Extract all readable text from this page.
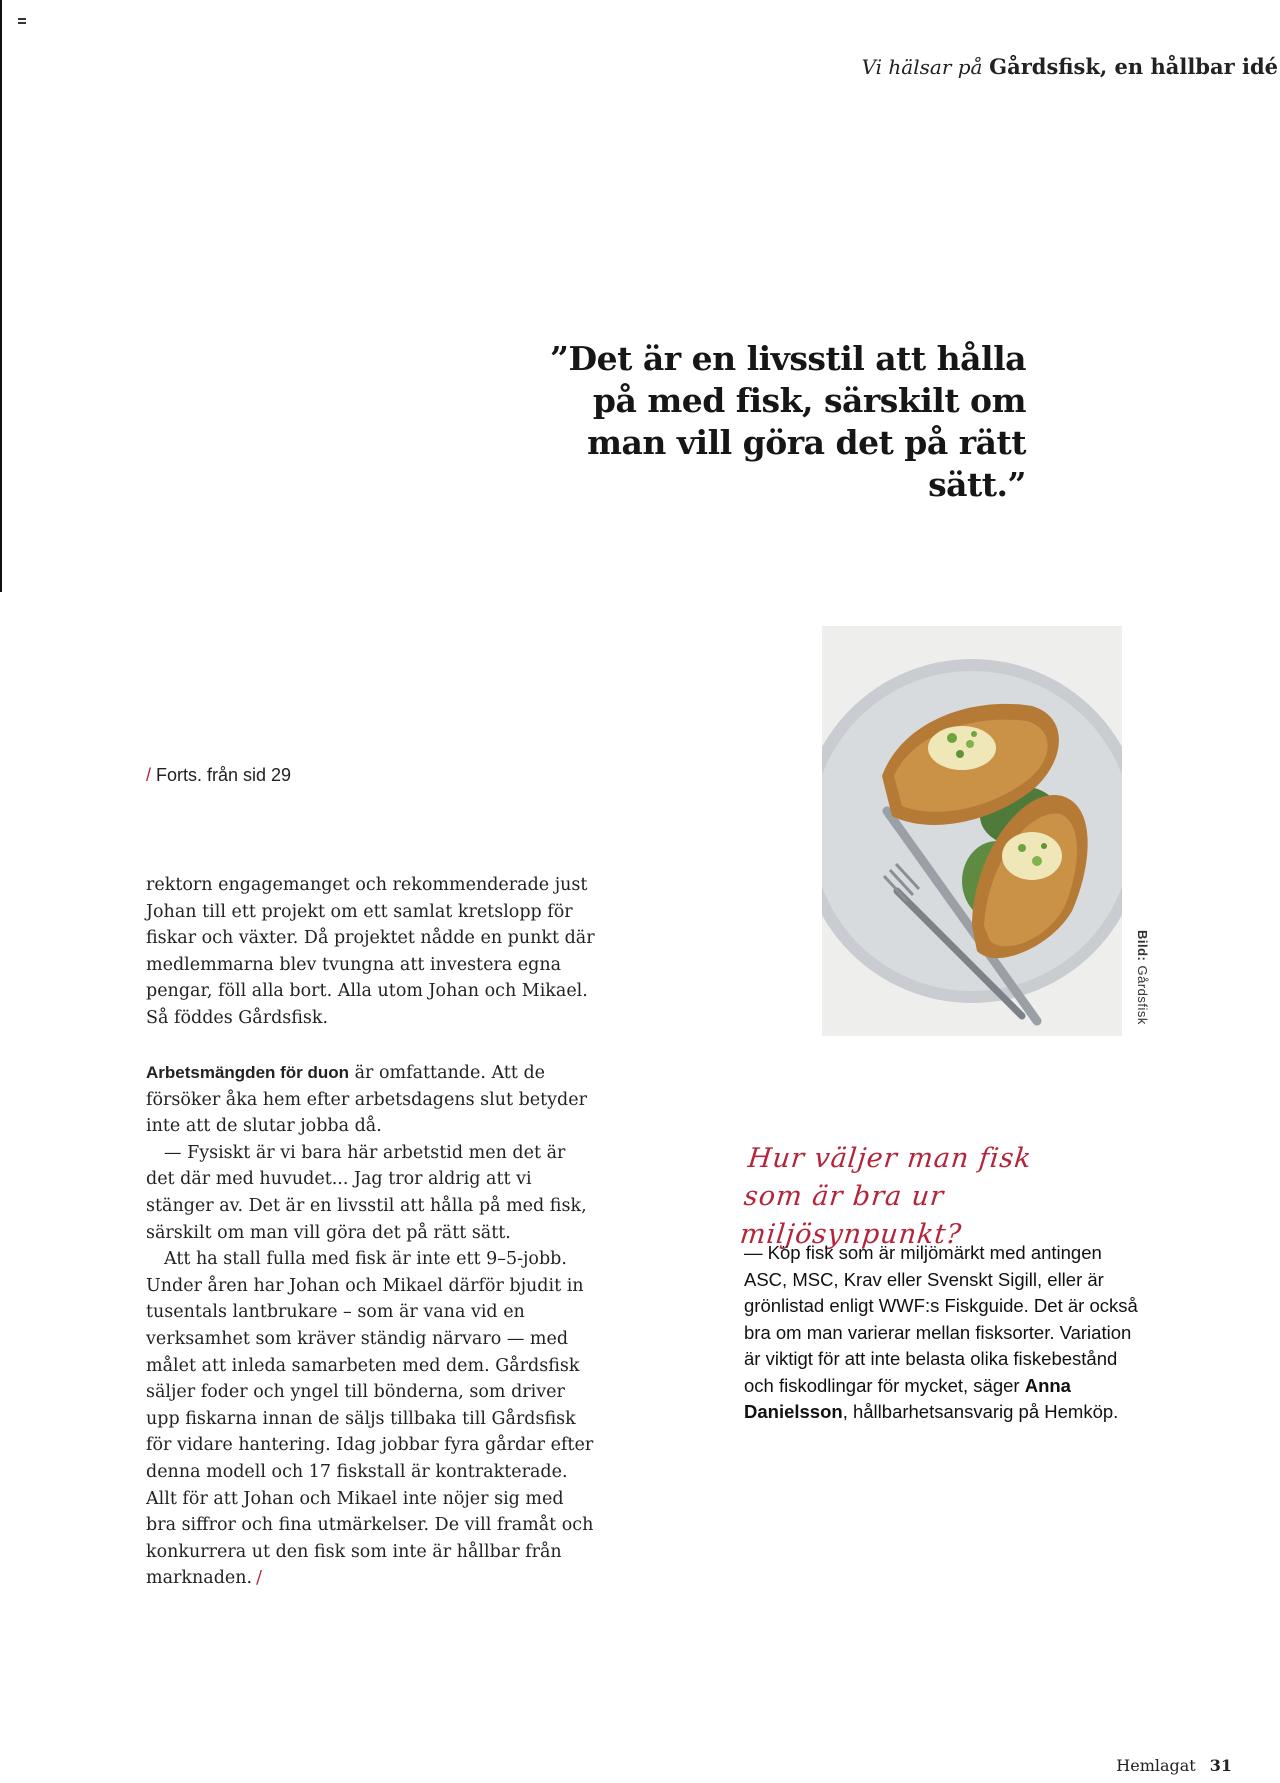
Vi hälsar på Gårdsfisk, en hållbar idé
”Det är en livsstil att hålla på med fisk, särskilt om man vill göra det på rätt sätt.”
/ Forts. från sid 29

rektorn engagemanget och rekommenderade just Johan till ett projekt om ett samlat kretslopp för fiskar och växter. Då projektet nådde en punkt där medlemmarna blev tvungna att investera egna pengar, föll alla bort. Alla utom Johan och Mikael. Så föddes Gårdsfisk.

Arbetsmängden för duon är omfattande. Att de försöker åka hem efter arbetsdagens slut betyder inte att de slutar jobba då.

— Fysiskt är vi bara här arbetstid men det är det där med huvudet... Jag tror aldrig att vi stänger av. Det är en livsstil att hålla på med fisk, särskilt om man vill göra det på rätt sätt.

Att ha stall fulla med fisk är inte ett 9–5-jobb. Under åren har Johan och Mikael därför bjudit in tusentals lantbrukare – som är vana vid en verksamhet som kräver ständig närvaro — med målet att inleda samarbeten med dem. Gårdsfisk säljer foder och yngel till bönderna, som driver upp fiskarna innan de säljs tillbaka till Gårdsfisk för vidare hantering. Idag jobbar fyra gårdar efter denna modell och 17 fiskstall är kontrakterade. Allt för att Johan och Mikael inte nöjer sig med bra siffror och fina utmärkelser. De vill framåt och konkurrera ut den fisk som inte är hållbar från marknaden. /

Bild: Gårdsfisk
Hur väljer man fisk som är bra ur miljösynpunkt?
— Köp fisk som är miljömärkt med antingen ASC, MSC, Krav eller Svenskt Sigill, eller är grönlistad enligt WWF:s Fiskguide. Det är också bra om man varierar mellan fisksorter. Variation är viktigt för att inte belasta olika fiskebestånd och fiskodlingar för mycket, säger Anna Danielsson, hållbarhetsansvarig på Hemköp.
Hemlagat 31
